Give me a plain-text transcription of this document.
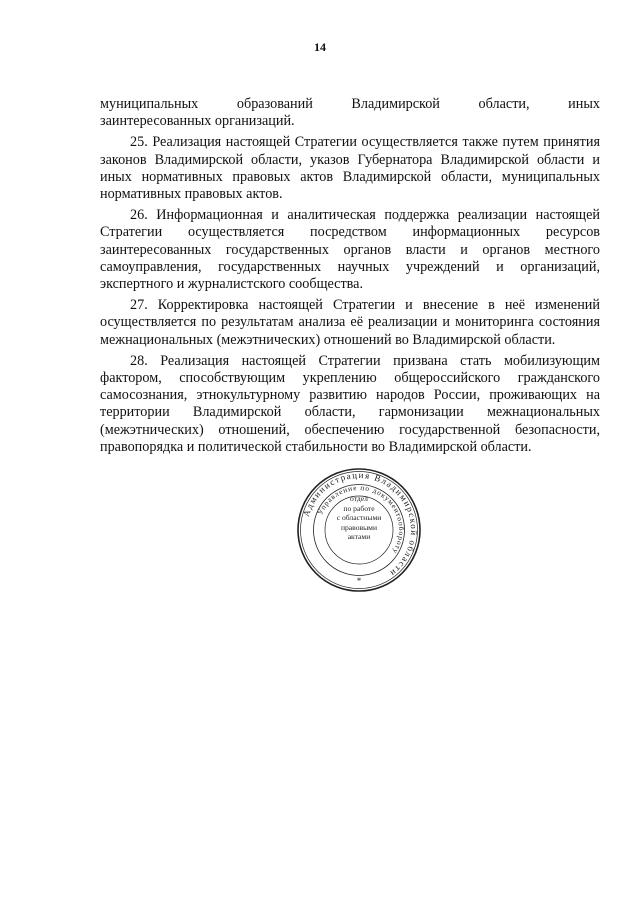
14

муниципальных образований Владимирской области, иных

заинтересованных организаций.

25. Реализация настоящей Стратегии осуществляется также путем принятия законов Владимирской области, указов Губернатора Владимирской области и иных нормативных правовых актов Владимирской области, муниципальных нормативных правовых актов.

26. Информационная и аналитическая поддержка реализации настоящей Стратегии осуществляется посредством информационных ресурсов заинтересованных государственных органов власти и органов местного самоуправления, государственных научных учреждений и организаций, экспертного и журналистского сообщества.

27. Корректировка настоящей Стратегии и внесение в неё изменений осуществляется по результатам анализа её реализации и мониторинга состояния межнациональных (межэтнических) отношений во Владимирской области.

28. Реализация настоящей Стратегии призвана стать мобилизующим фактором, способствующим укреплению общероссийского гражданского самосознания, этнокультурному развитию народов России, проживающих на территории Владимирской области, гармонизации межнациональных (межэтнических) отношений, обеспечению государственной безопасности, правопорядка и политической стабильности во Владимирской области.

Администрация Владимирской области
Управление по документообороту
*
отдел
по работе
с областными
правовыми
актами
